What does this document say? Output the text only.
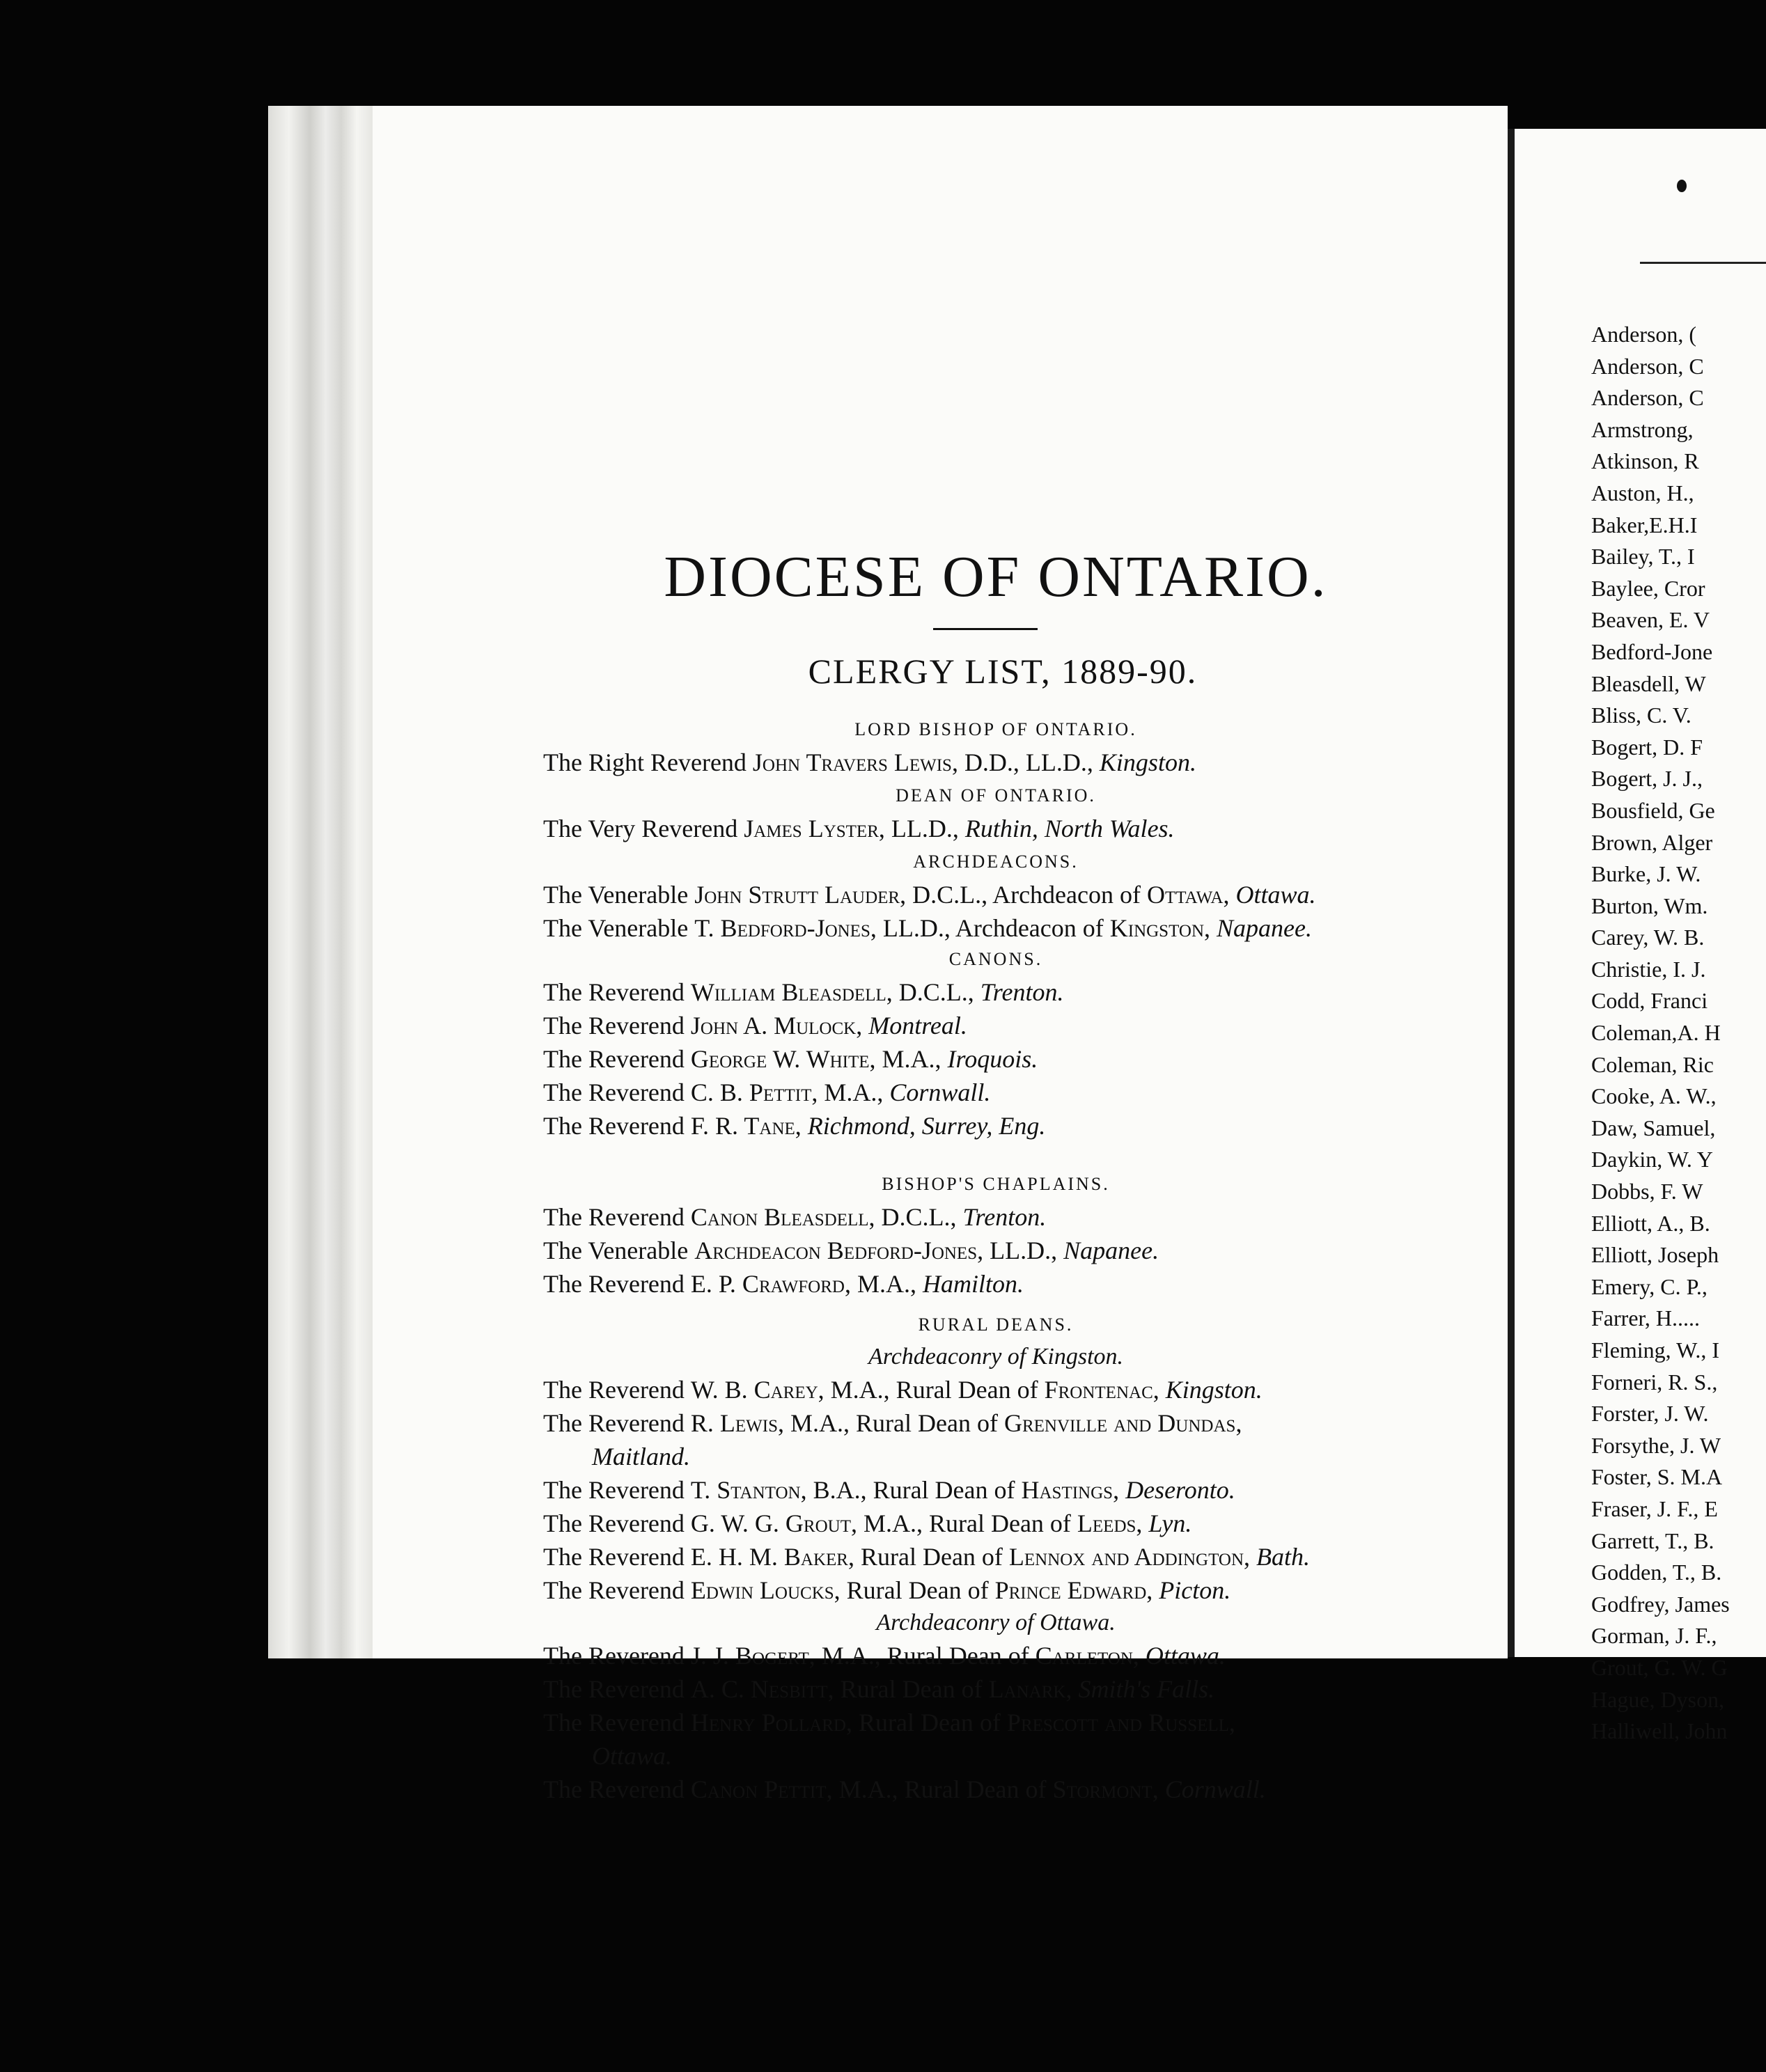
DIOCESE OF ONTARIO.
CLERGY LIST, 1889-90.
LORD BISHOP OF ONTARIO.
The Right Reverend John Travers Lewis, D.D., LL.D., Kingston.
DEAN OF ONTARIO.
The Very Reverend James Lyster, LL.D., Ruthin, North Wales.
ARCHDEACONS.
The Venerable John Strutt Lauder, D.C.L., Archdeacon of Ottawa, Ottawa.
The Venerable T. Bedford-Jones, LL.D., Archdeacon of Kingston, Napanee.
CANONS.
The Reverend William Bleasdell, D.C.L., Trenton.
The Reverend John A. Mulock, Montreal.
The Reverend George W. White, M.A., Iroquois.
The Reverend C. B. Pettit, M.A., Cornwall.
The Reverend F. R. Tane, Richmond, Surrey, Eng.
BISHOP'S CHAPLAINS.
The Reverend Canon Bleasdell, D.C.L., Trenton.
The Venerable Archdeacon Bedford-Jones, LL.D., Napanee.
The Reverend E. P. Crawford, M.A., Hamilton.
RURAL DEANS.
Archdeaconry of Kingston.
The Reverend W. B. Carey, M.A., Rural Dean of Frontenac, Kingston.
The Reverend R. Lewis, M.A., Rural Dean of Grenville and Dundas,
Maitland.
The Reverend T. Stanton, B.A., Rural Dean of Hastings, Deseronto.
The Reverend G. W. G. Grout, M.A., Rural Dean of Leeds, Lyn.
The Reverend E. H. M. Baker, Rural Dean of Lennox and Addington, Bath.
The Reverend Edwin Loucks, Rural Dean of Prince Edward, Picton.
Archdeaconry of Ottawa.
The Reverend J. J. Bogert, M.A., Rural Dean of Carleton, Ottawa.
The Reverend A. C. Nesbitt, Rural Dean of Lanark, Smith's Falls.
The Reverend Henry Pollard, Rural Dean of Prescott and Russell,
Ottawa.
The Reverend Canon Pettit, M.A., Rural Dean of Stormont, Cornwall.
Anderson, (
Anderson, C
Anderson, C
Armstrong,
Atkinson, R
Auston, H.,
Baker,E.H.I
Bailey, T., I
Baylee, Cror
Beaven, E. V
Bedford-Jone
Bleasdell, W
Bliss, C. V.
Bogert, D. F
Bogert, J. J.,
Bousfield, Ge
Brown, Alger
Burke, J. W.
Burton, Wm.
Carey, W. B.
Christie, I. J.
Codd, Franci
Coleman,A. H
Coleman, Ric
Cooke, A. W.,
Daw, Samuel,
Daykin, W. Y
Dobbs, F. W
Elliott, A., B.
Elliott, Joseph
Emery, C. P.,
Farrer, H.....
Fleming, W., I
Forneri, R. S.,
Forster, J. W.
Forsythe, J. W
Foster, S. M.A
Fraser, J. F., E
Garrett, T., B.
Godden, T., B.
Godfrey, James
Gorman, J. F.,
Grout, G. W. G
Hague, Dyson,
Halliwell, John
